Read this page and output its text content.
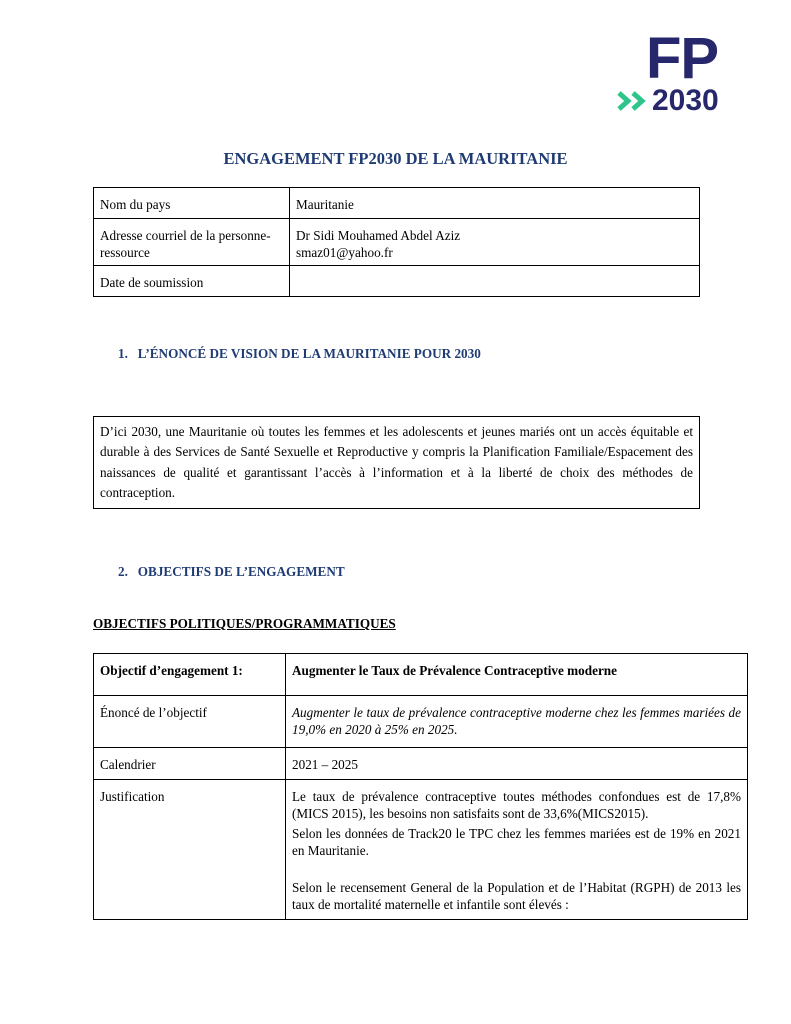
FP
2030
ENGAGEMENT FP2030 DE LA MAURITANIE
Nom du pays	Mauritanie

Adresse courriel de la personne-ressource	Dr Sidi Mouhamed Abdel Aziz
smaz01@yahoo.fr

Date de soumission	
1.   L’ÉNONCÉ DE VISION DE LA MAURITANIE POUR 2030
D’ici 2030, une Mauritanie où toutes les femmes et les adolescents et jeunes mariés ont un accès équitable et durable à des Services de Santé Sexuelle et Reproductive y compris la Planification Familiale/Espacement des naissances de qualité et garantissant l’accès à l’information et à la liberté de choix des méthodes de contraception.
2.   OBJECTIFS DE L’ENGAGEMENT
OBJECTIFS POLITIQUES/PROGRAMMATIQUES
Objectif d’engagement 1:	Augmenter le Taux de Prévalence Contraceptive moderne
Énoncé de l’objectif	Augmenter le taux de prévalence contraceptive moderne chez les femmes mariées de 19,0% en 2020 à 25% en 2025.
Calendrier	2021 – 2025
Justification	Le taux de prévalence contraceptive toutes méthodes confondues est de 17,8% (MICS 2015), les besoins non satisfaits sont de 33,6%(MICS2015).

Selon les données de Track20 le TPC chez les femmes mariées est de 19% en 2021 en Mauritanie.

Selon le recensement General de la Population et de l’Habitat (RGPH) de 2013 les taux de mortalité maternelle et infantile sont élevés :
